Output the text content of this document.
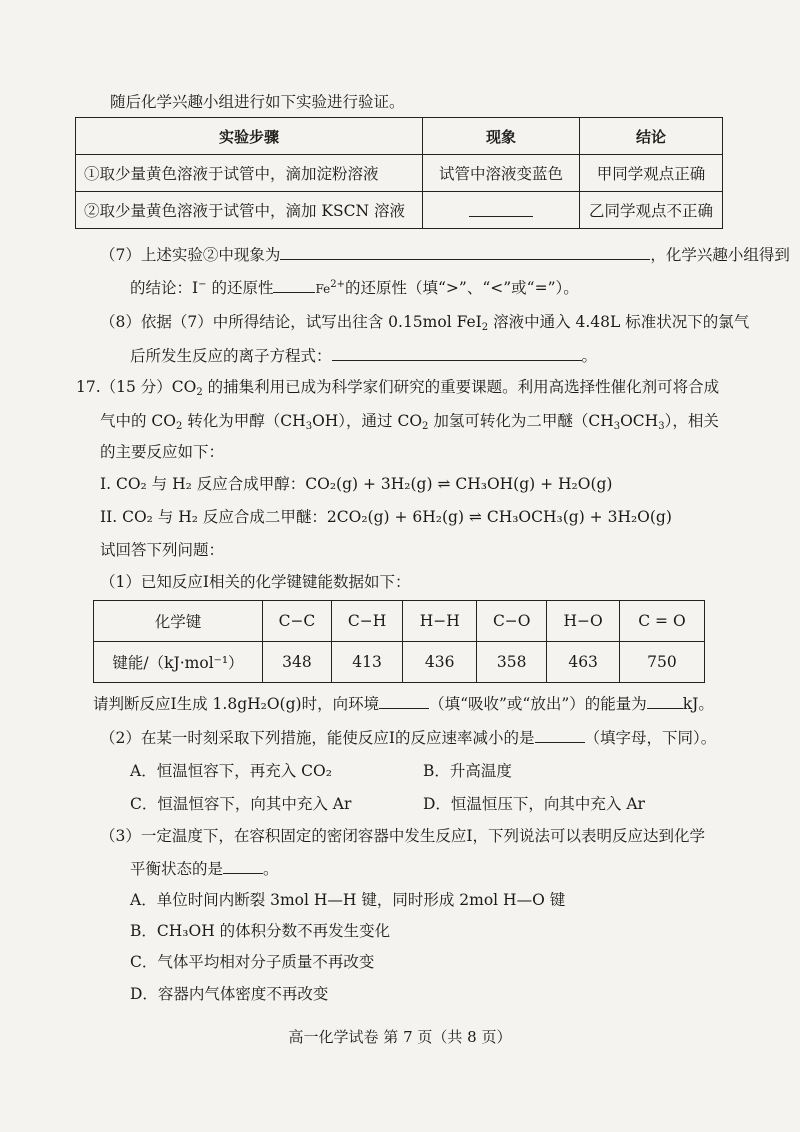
随后化学兴趣小组进行如下实验进行验证。
实验步骤	现象	结论
①取少量黄色溶液于试管中，滴加淀粉溶液	试管中溶液变蓝色	甲同学观点正确
②取少量黄色溶液于试管中，滴加 KSCN 溶液		乙同学观点不正确
（7）上述实验②中现象为	，化学兴趣小组得到
的结论：I− 的还原性	$Fe^{2+}$的还原性（填“>”、“<”或“=”）。
（8）依据（7）中所得结论，试写出往含 0.15mol FeI$_2$ 溶液中通入 4.48L 标准状况下的氯气
后所发生反应的离子方程式：	。
17.（15 分）$CO_2$ 的捕集利用已成为科学家们研究的重要课题。利用高选择性催化剂可将合成
气中的 $CO_2$ 转化为甲醇$(CH_3OH)$，通过 $CO_2$ 加氢可转化为二甲醚$(CH_3OCH_3)$，相关
的主要反应如下：
I. CO₂ 与 H₂ 反应合成甲醇：CO₂(g) + 3H₂(g) ⇌ CH₃OH(g) + H₂O(g)
II. CO₂ 与 H₂ 反应合成二甲醚：2CO₂(g) + 6H₂(g) ⇌ CH₃OCH₃(g) + 3H₂O(g)
试回答下列问题：
（1）已知反应I相关的化学键键能数据如下：
化学键	C−C	C−H	H−H	C−O	H−O	C = O
键能/（kJ·mol⁻¹）	348	413	436	358	463	750
请判断反应I生成 1.8gH₂O(g)时，向环境	（填“吸收”或“放出”）的能量为 kJ。
（2）在某一时刻采取下列措施，能使反应I的反应速率减小的是	（填字母，下同）。
A．恒温恒容下，再充入 CO₂	B．升高温度
C．恒温恒容下，向其中充入 Ar	D．恒温恒压下，向其中充入 Ar
（3）一定温度下，在容积固定的密闭容器中发生反应I，下列说法可以表明反应达到化学
平衡状态的是	。
A．单位时间内断裂 3mol H—H 键，同时形成 2mol H—O 键
B．CH₃OH 的体积分数不再发生变化
C．气体平均相对分子质量不再改变
D．容器内气体密度不再改变
高一化学试卷 第 7 页（共 8 页）
